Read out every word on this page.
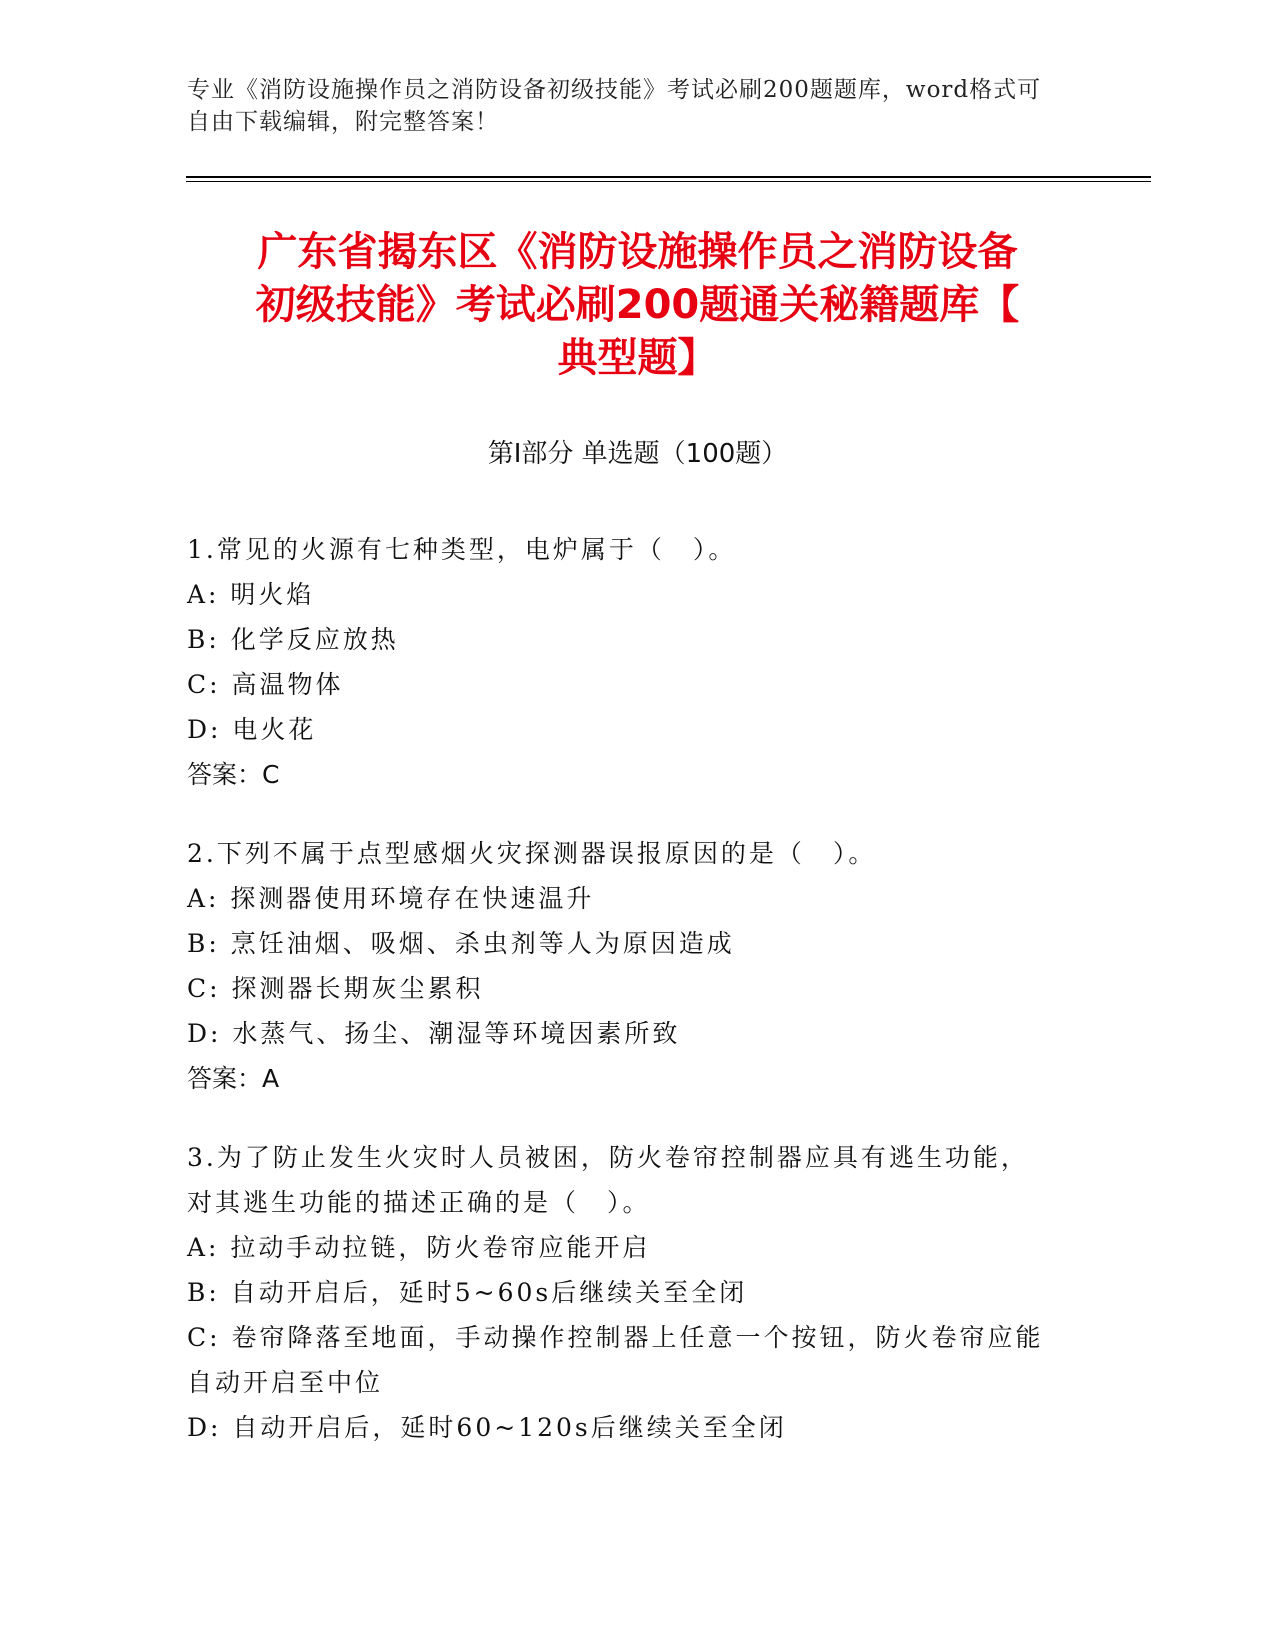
专业《消防设施操作员之消防设备初级技能》考试必刷200题题库，word格式可
自由下载编辑，附完整答案！
广东省揭东区《消防设施操作员之消防设备
初级技能》考试必刷200题通关秘籍题库【
典型题】
第Ⅰ部分 单选题（100题）
1.常见的火源有七种类型，电炉属于（　）。
A: 明火焰
B: 化学反应放热
C: 高温物体
D: 电火花
答案：C
2.下列不属于点型感烟火灾探测器误报原因的是（　）。
A: 探测器使用环境存在快速温升
B: 烹饪油烟、吸烟、杀虫剂等人为原因造成
C: 探测器长期灰尘累积
D: 水蒸气、扬尘、潮湿等环境因素所致
答案：A
3.为了防止发生火灾时人员被困，防火卷帘控制器应具有逃生功能，
对其逃生功能的描述正确的是（　）。
A: 拉动手动拉链，防火卷帘应能开启
B: 自动开启后，延时5~60s后继续关至全闭
C: 卷帘降落至地面，手动操作控制器上任意一个按钮，防火卷帘应能
自动开启至中位
D: 自动开启后，延时60~120s后继续关至全闭
